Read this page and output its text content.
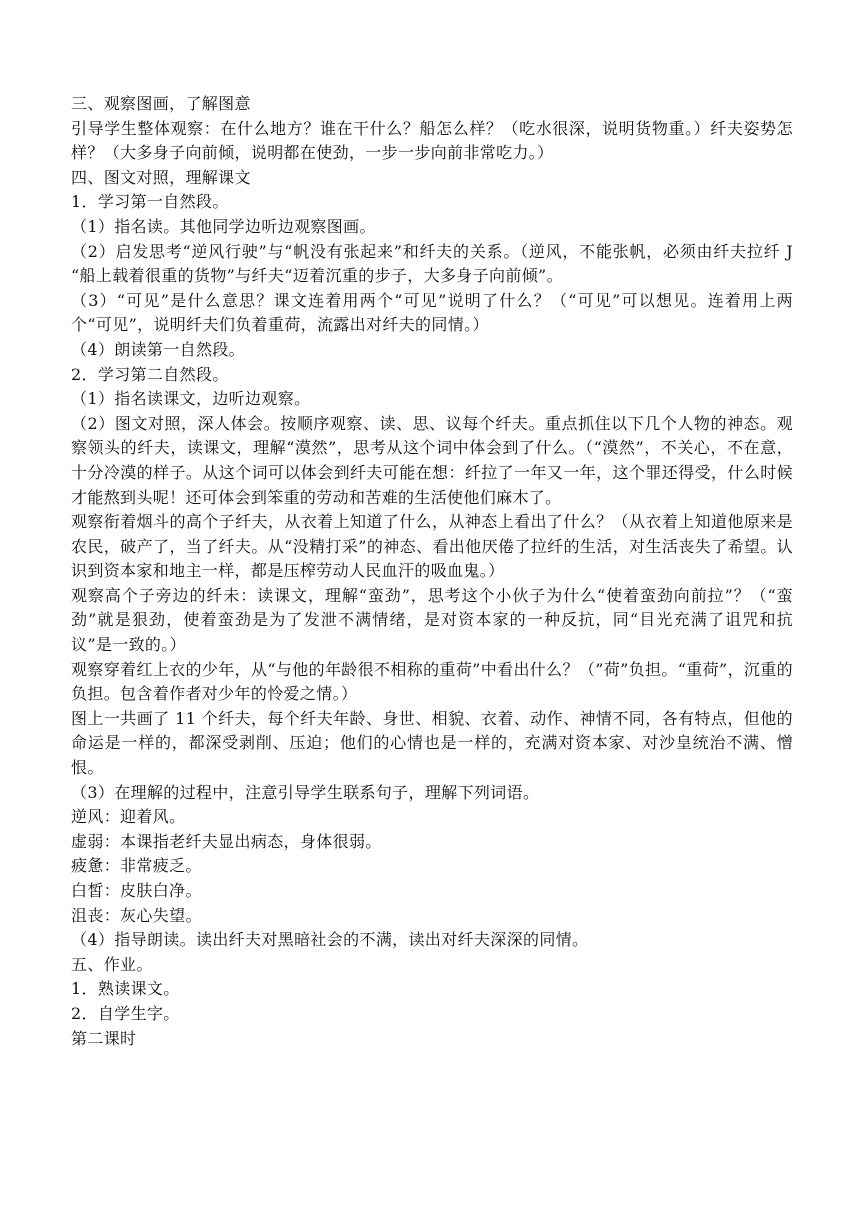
三、观察图画，了解图意

引导学生整体观察：在什么地方？谁在干什么？船怎么样？（吃水很深，说明货物重。）纤夫姿势怎样？（大多身子向前倾，说明都在使劲，一步一步向前非常吃力。）

四、图文对照，理解课文

1．学习第一自然段。

（1）指名读。其他同学边听边观察图画。

（2）启发思考“逆风行驶”与“帆没有张起来”和纤夫的关系。（逆风，不能张帆，必须由纤夫拉纤 J “船上载着很重的货物”与纤夫“迈着沉重的步子，大多身子向前倾”。

（3）“可见”是什么意思？课文连着用两个“可见”说明了什么？（“可见”可以想见。连着用上两个“可见”，说明纤夫们负着重荷，流露出对纤夫的同情。）

（4）朗读第一自然段。

2．学习第二自然段。

（1）指名读课文，边听边观察。

（2）图文对照，深人体会。按顺序观察、读、思、议每个纤夫。重点抓住以下几个人物的神态。观察领头的纤夫，读课文，理解“漠然”，思考从这个词中体会到了什么。（“漠然”，不关心，不在意，十分冷漠的样子。从这个词可以体会到纤夫可能在想：纤拉了一年又一年，这个罪还得受，什么时候才能熬到头呢！还可体会到笨重的劳动和苦难的生活使他们麻木了。

观察衔着烟斗的高个子纤夫，从衣着上知道了什么，从神态上看出了什么？（从衣着上知道他原来是农民，破产了，当了纤夫。从“没精打采”的神态、看出他厌倦了拉纤的生活，对生活丧失了希望。认识到资本家和地主一样，都是压榨劳动人民血汗的吸血鬼。）

观察高个子旁边的纤未：读课文，理解“蛮劲”，思考这个小伙子为什么“使着蛮劲向前拉”？（“蛮劲”就是狠劲，使着蛮劲是为了发泄不满情绪，是对资本家的一种反抗，同“目光充满了诅咒和抗议”是一致的。）

观察穿着红上衣的少年，从“与他的年龄很不相称的重荷”中看出什么？（”荷”负担。“重荷”，沉重的负担。包含着作者对少年的怜爱之情。）

图上一共画了 11 个纤夫，每个纤夫年龄、身世、相貌、衣着、动作、神情不同，各有特点，但他的命运是一样的，都深受剥削、压迫；他们的心情也是一样的，充满对资本家、对沙皇统治不满、憎恨。

（3）在理解的过程中，注意引导学生联系句子，理解下列词语。

逆风：迎着风。

虚弱：本课指老纤夫显出病态，身体很弱。

疲惫：非常疲乏。

白皙：皮肤白净。

沮丧：灰心失望。

（4）指导朗读。读出纤夫对黑暗社会的不满，读出对纤夫深深的同情。

五、作业。

1．熟读课文。

2．自学生字。

第二课时
